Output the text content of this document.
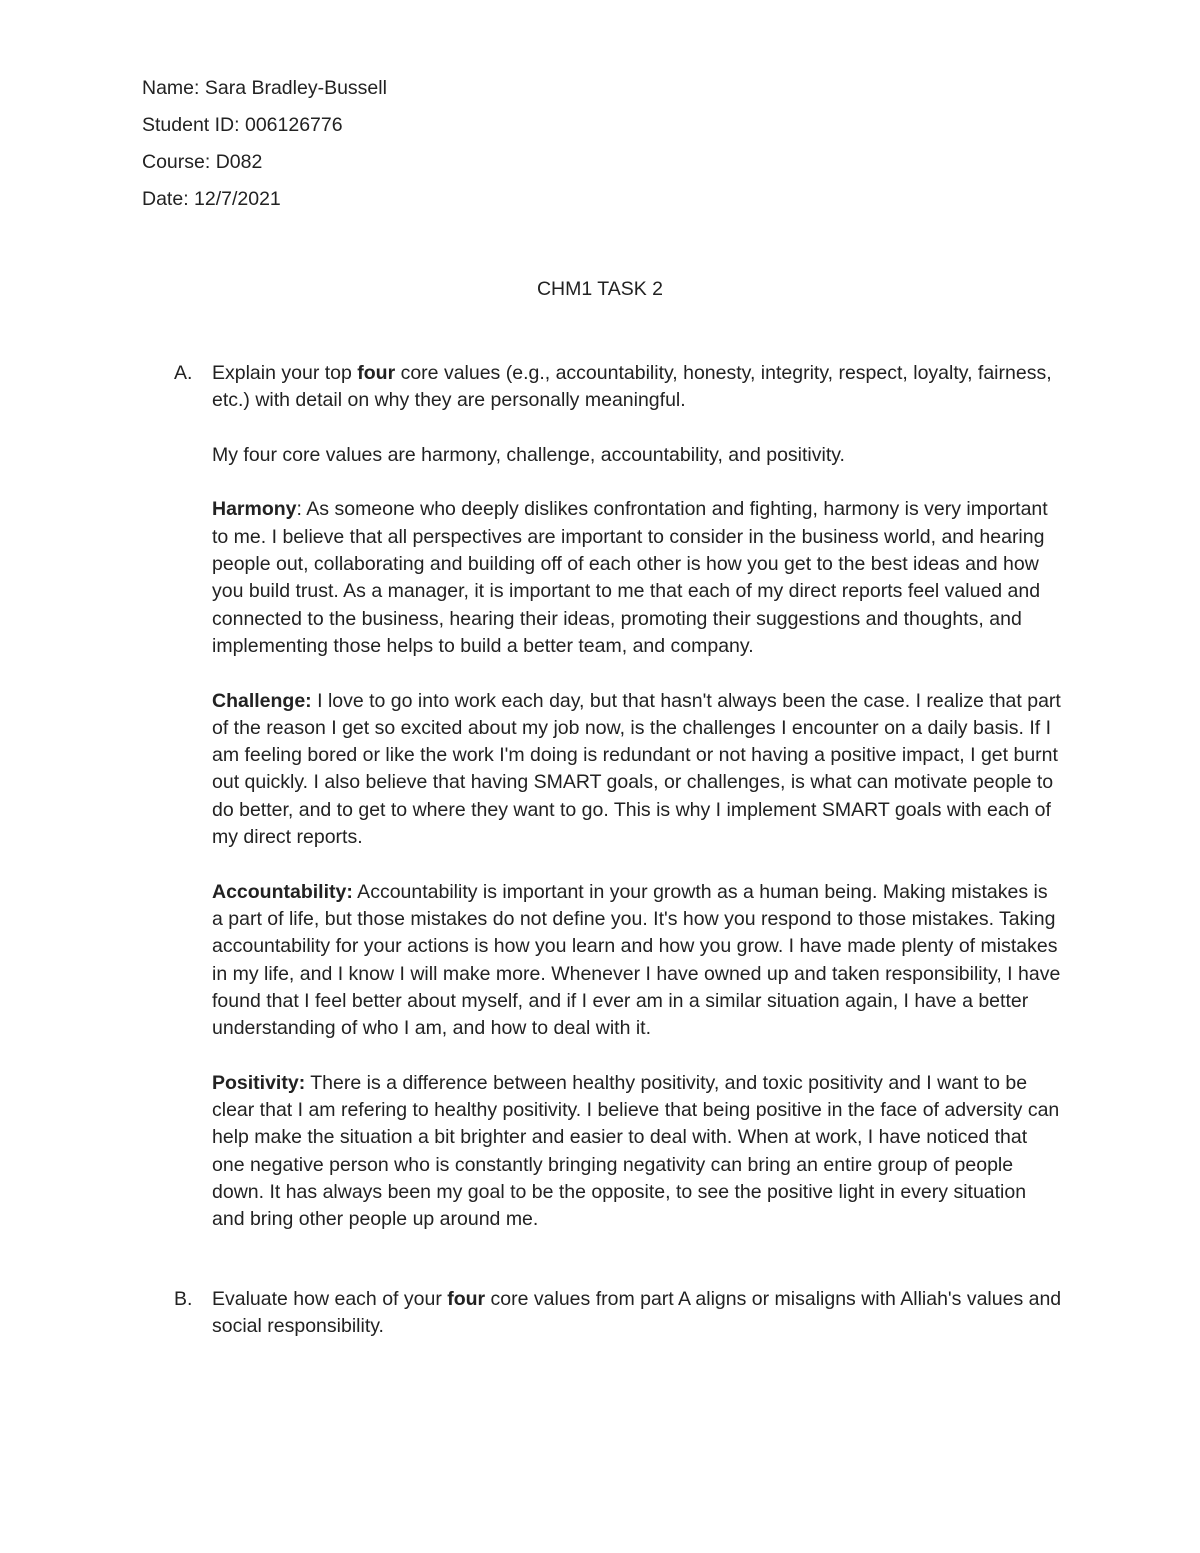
Name: Sara Bradley-Bussell

Student ID: 006126776

Course: D082

Date: 12/7/2021

CHM1 TASK 2
A. Explain your top four core values (e.g., accountability, honesty, integrity, respect, loyalty, fairness, etc.) with detail on why they are personally meaningful.

My four core values are harmony, challenge, accountability, and positivity.

Harmony: As someone who deeply dislikes confrontation and fighting, harmony is very important to me. I believe that all perspectives are important to consider in the business world, and hearing people out, collaborating and building off of each other is how you get to the best ideas and how you build trust. As a manager, it is important to me that each of my direct reports feel valued and connected to the business, hearing their ideas, promoting their suggestions and thoughts, and implementing those helps to build a better team, and company.

Challenge: I love to go into work each day, but that hasn't always been the case. I realize that part of the reason I get so excited about my job now, is the challenges I encounter on a daily basis. If I am feeling bored or like the work I'm doing is redundant or not having a positive impact, I get burnt out quickly. I also believe that having SMART goals, or challenges, is what can motivate people to do better, and to get to where they want to go. This is why I implement SMART goals with each of my direct reports.

Accountability: Accountability is important in your growth as a human being. Making mistakes is a part of life, but those mistakes do not define you. It's how you respond to those mistakes. Taking accountability for your actions is how you learn and how you grow. I have made plenty of mistakes in my life, and I know I will make more. Whenever I have owned up and taken responsibility, I have found that I feel better about myself, and if I ever am in a similar situation again, I have a better understanding of who I am, and how to deal with it.

Positivity: There is a difference between healthy positivity, and toxic positivity and I want to be clear that I am refering to healthy positivity. I believe that being positive in the face of adversity can help make the situation a bit brighter and easier to deal with. When at work, I have noticed that one negative person who is constantly bringing negativity can bring an entire group of people down. It has always been my goal to be the opposite, to see the positive light in every situation and bring other people up around me.

B. Evaluate how each of your four core values from part A aligns or misaligns with Alliah's values and social responsibility.
